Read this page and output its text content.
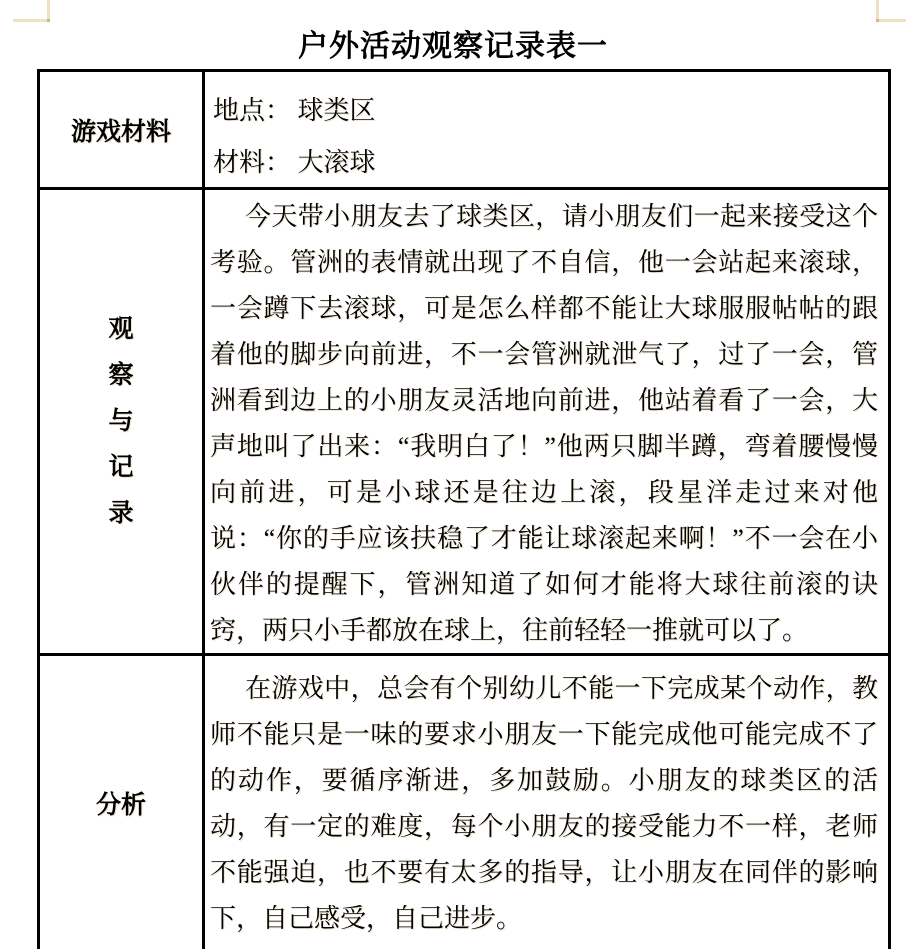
户外活动观察记录表一
游戏材料
地点： 球类区
材料： 大滚球
观
察
与
记
录

今天带小朋友去了球类区，请小朋友们一起来接受这个考验。管洲的表情就出现了不自信，他一会站起来滚球，一会蹲下去滚球，可是怎么样都不能让大球服服帖帖的跟着他的脚步向前进，不一会管洲就泄气了，过了一会，管洲看到边上的小朋友灵活地向前进，他站着看了一会，大声地叫了出来：“我明白了！”他两只脚半蹲，弯着腰慢慢向前进，可是小球还是往边上滚，段星洋走过来对他说：“你的手应该扶稳了才能让球滚起来啊！”不一会在小伙伴的提醒下，管洲知道了如何才能将大球往前滚的诀窍，两只小手都放在球上，往前轻轻一推就可以了。

分析

在游戏中，总会有个别幼儿不能一下完成某个动作，教师不能只是一味的要求小朋友一下能完成他可能完成不了的动作，要循序渐进，多加鼓励。小朋友的球类区的活动，有一定的难度，每个小朋友的接受能力不一样，老师不能强迫，也不要有太多的指导，让小朋友在同伴的影响下，自己感受，自己进步。
